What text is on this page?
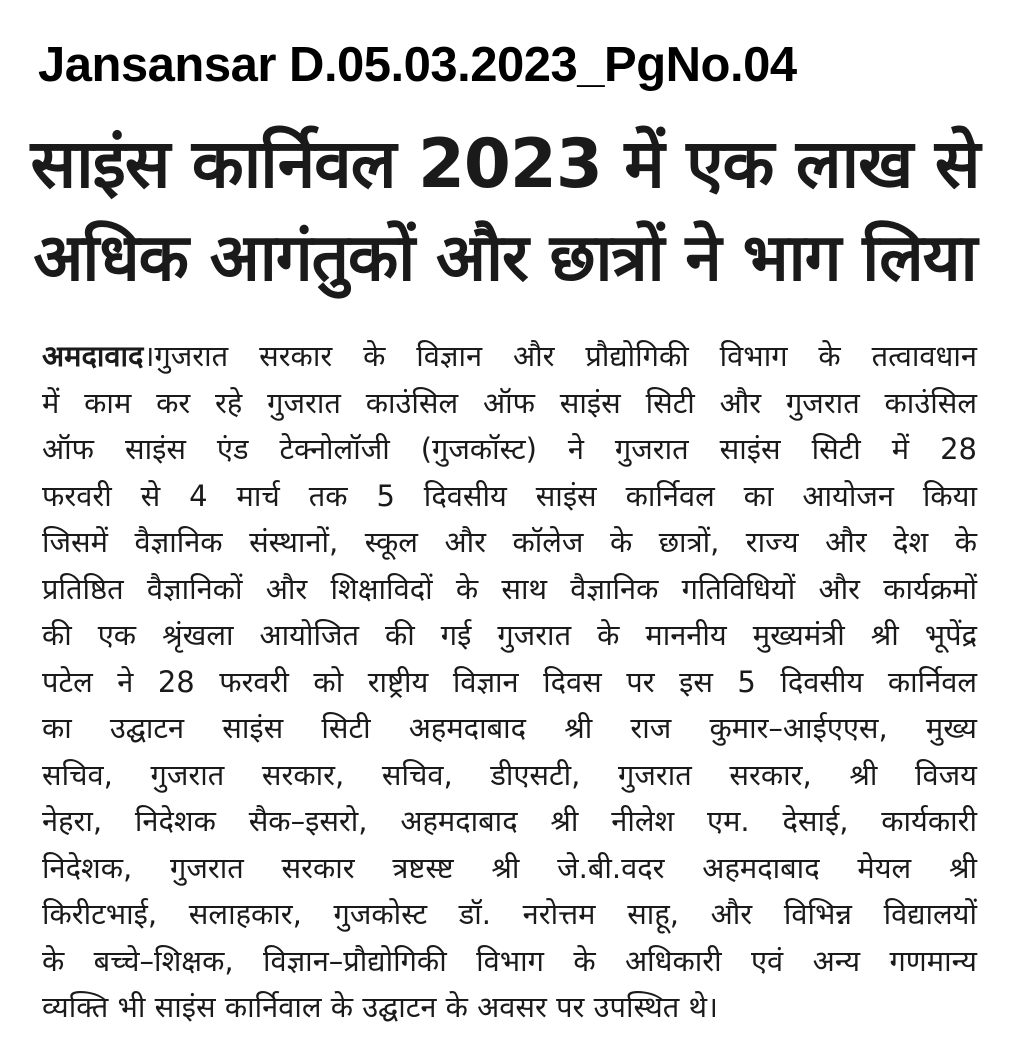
Jansansar D.05.03.2023_PgNo.04
साइंस कार्निवल 2023 में एक लाख से
अधिक आगंतुकों और छात्रों ने भाग लिया
अमदावाद।गुजरात सरकार के विज्ञान और प्रौद्योगिकी विभाग के तत्वावधान
में काम कर रहे गुजरात काउंसिल ऑफ साइंस सिटी और गुजरात काउंसिल
ऑफ साइंस एंड टेक्नोलॉजी (गुजकॉस्ट) ने गुजरात साइंस सिटी में 28
फरवरी से 4 मार्च तक 5 दिवसीय साइंस कार्निवल का आयोजन किया
जिसमें वैज्ञानिक संस्थानों, स्कूल और कॉलेज के छात्रों, राज्य और देश के
प्रतिष्ठित वैज्ञानिकों और शिक्षाविदों के साथ वैज्ञानिक गतिविधियों और कार्यक्रमों
की एक श्रृंखला आयोजित की गई गुजरात के माननीय मुख्यमंत्री श्री भूपेंद्र
पटेल ने 28 फरवरी को राष्ट्रीय विज्ञान दिवस पर इस 5 दिवसीय कार्निवल
का उद्घाटन साइंस सिटी अहमदाबाद श्री राज कुमार–आईएएस, मुख्य
सचिव, गुजरात सरकार, सचिव, डीएसटी, गुजरात सरकार, श्री विजय
नेहरा, निदेशक सैक–इसरो, अहमदाबाद श्री नीलेश एम. देसाई, कार्यकारी
निदेशक, गुजरात सरकार त्रष्टस्ष्ट श्री जे.बी.वदर अहमदाबाद मेयल श्री
किरीटभाई, सलाहकार, गुजकोस्ट डॉ. नरोत्तम साहू, और विभिन्न विद्यालयों
के बच्चे–शिक्षक, विज्ञान–प्रौद्योगिकी विभाग के अधिकारी एवं अन्य गणमान्य
व्यक्ति भी साइंस कार्निवाल के उद्घाटन के अवसर पर उपस्थित थे।
